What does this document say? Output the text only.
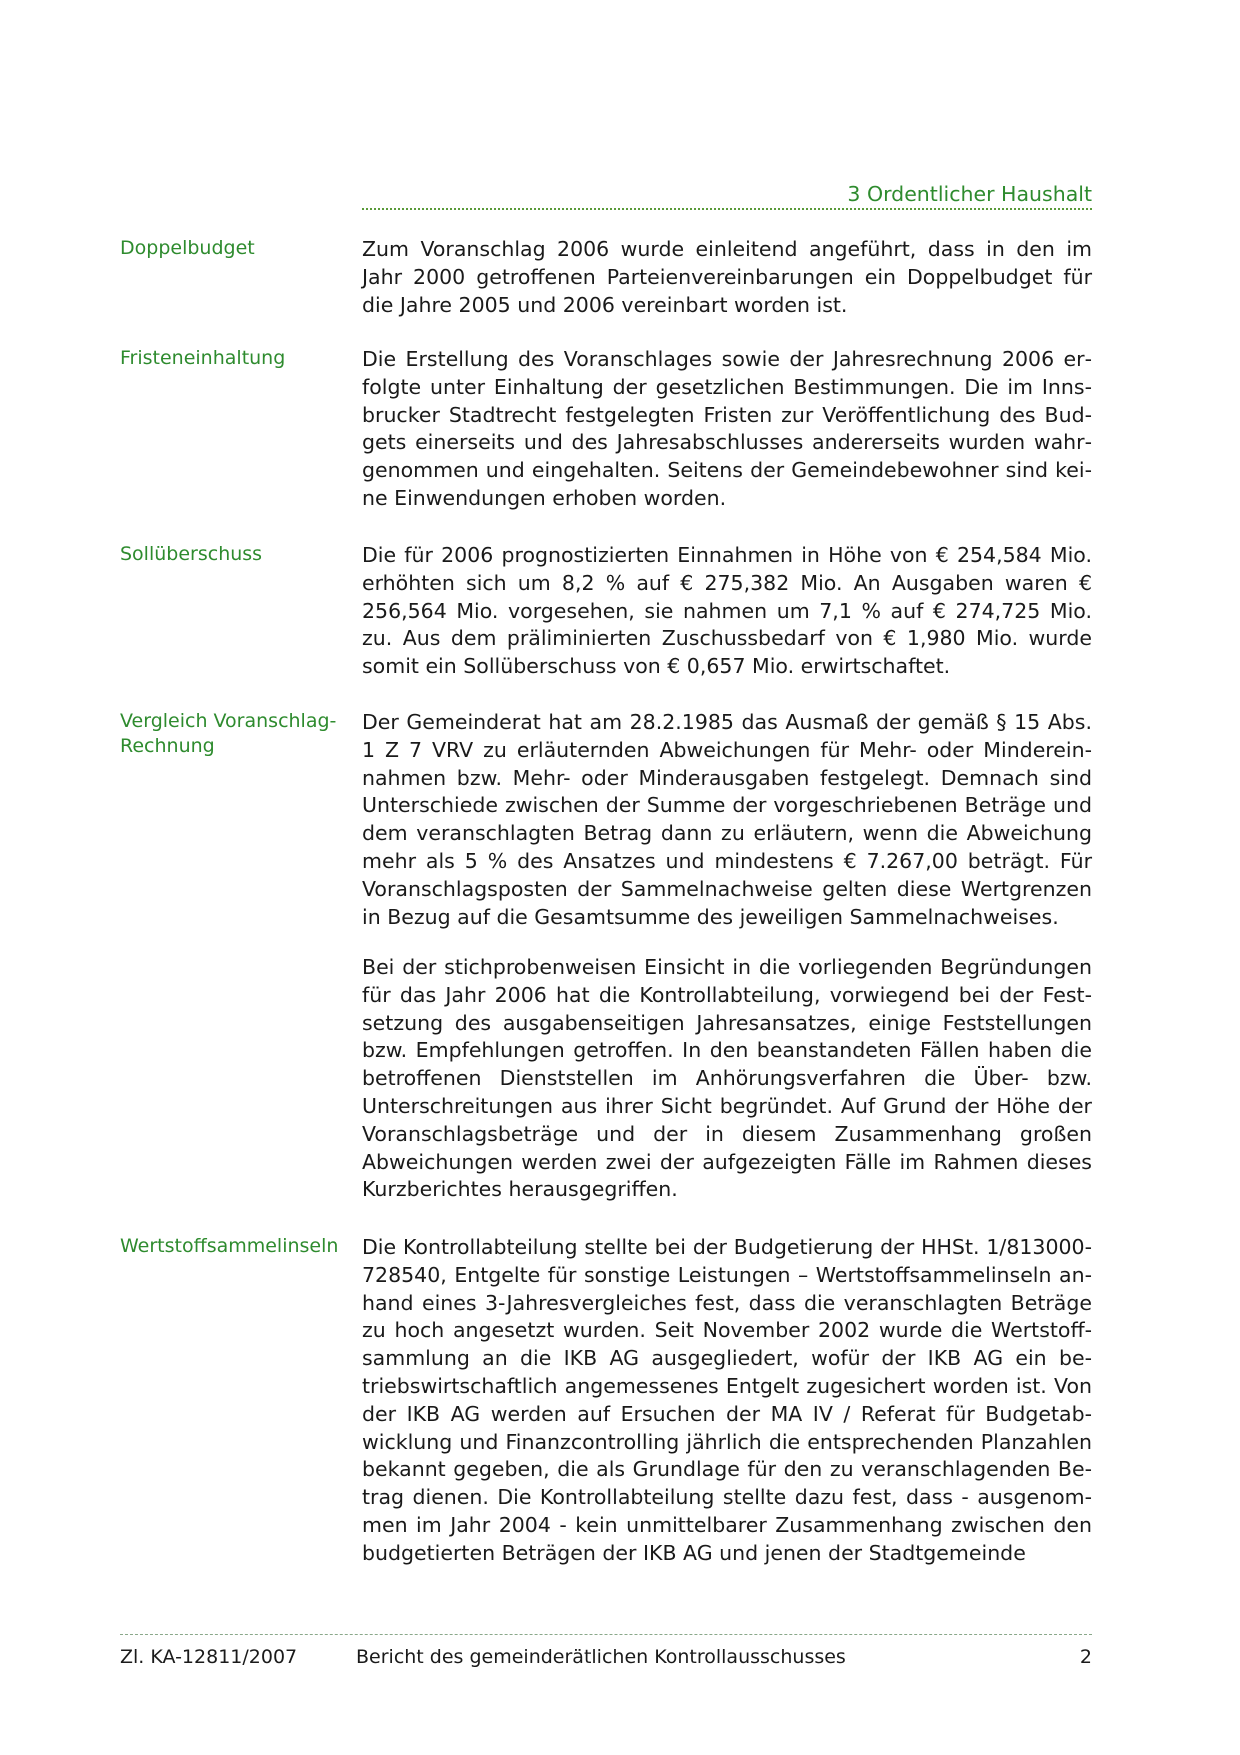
3 Ordentlicher Haushalt
Doppelbudget	Zum Voranschlag 2006 wurde einleitend angeführt, dass in den im Jahr 2000 getroffenen Parteienvereinbarungen ein Doppelbudget für die Jahre 2005 und 2006 vereinbart worden ist.

Fristeneinhaltung	Die Erstellung des Voranschlages sowie der Jahresrechnung 2006 erfolgte unter Einhaltung der gesetzlichen Bestimmungen. Die im Innsbrucker Stadtrecht festgelegten Fristen zur Veröffentlichung des Budgets einerseits und des Jahresabschlusses andererseits wurden wahrgenommen und eingehalten. Seitens der Gemeindebewohner sind keine Einwendungen erhoben worden.

Sollüberschuss	Die für 2006 prognostizierten Einnahmen in Höhe von € 254,584 Mio. erhöhten sich um 8,2 % auf € 275,382 Mio. An Ausgaben waren € 256,564 Mio. vorgesehen, sie nahmen um 7,1 % auf € 274,725 Mio. zu. Aus dem präliminierten Zuschussbedarf von € 1,980 Mio. wurde somit ein Sollüberschuss von € 0,657 Mio. erwirtschaftet.

Vergleich Voranschlag-Rechnung

Der Gemeinderat hat am 28.2.1985 das Ausmaß der gemäß § 15 Abs. 1 Z 7 VRV zu erläuternden Abweichungen für Mehr- oder Mindereinnahmen bzw. Mehr- oder Minderausgaben festgelegt. Demnach sind Unterschiede zwischen der Summe der vorgeschriebenen Beträge und dem veranschlagten Betrag dann zu erläutern, wenn die Abweichung mehr als 5 % des Ansatzes und mindestens € 7.267,00 beträgt. Für Voranschlagsposten der Sammelnachweise gelten diese Wertgrenzen in Bezug auf die Gesamtsumme des jeweiligen Sammelnachweises.

Bei der stichprobenweisen Einsicht in die vorliegenden Begründungen für das Jahr 2006 hat die Kontrollabteilung, vorwiegend bei der Festsetzung des ausgabenseitigen Jahresansatzes, einige Feststellungen bzw. Empfehlungen getroffen. In den beanstandeten Fällen haben die betroffenen Dienststellen im Anhörungsverfahren die Über- bzw. Unterschreitungen aus ihrer Sicht begründet. Auf Grund der Höhe der Voranschlagsbeträge und der in diesem Zusammenhang großen Abweichungen werden zwei der aufgezeigten Fälle im Rahmen dieses Kurzberichtes herausgegriffen.

Wertstoffsammelinseln	Die Kontrollabteilung stellte bei der Budgetierung der HHSt. 1/813000-728540, Entgelte für sonstige Leistungen – Wertstoffsammelinseln anhand eines 3-Jahresvergleiches fest, dass die veranschlagten Beträge zu hoch angesetzt wurden. Seit November 2002 wurde die Wertstoffsammlung an die IKB AG ausgegliedert, wofür der IKB AG ein betriebswirtschaftlich angemessenes Entgelt zugesichert worden ist. Von der IKB AG werden auf Ersuchen der MA IV / Referat für Budgetabwicklung und Finanzcontrolling jährlich die entsprechenden Planzahlen bekannt gegeben, die als Grundlage für den zu veranschlagenden Betrag dienen. Die Kontrollabteilung stellte dazu fest, dass - ausgenommen im Jahr 2004 - kein unmittelbarer Zusammenhang zwischen den budgetierten Beträgen der IKB AG und jenen der Stadtgemeinde

Zl. KA-12811/2007	Bericht des gemeinderätlichen Kontrollausschusses	2
